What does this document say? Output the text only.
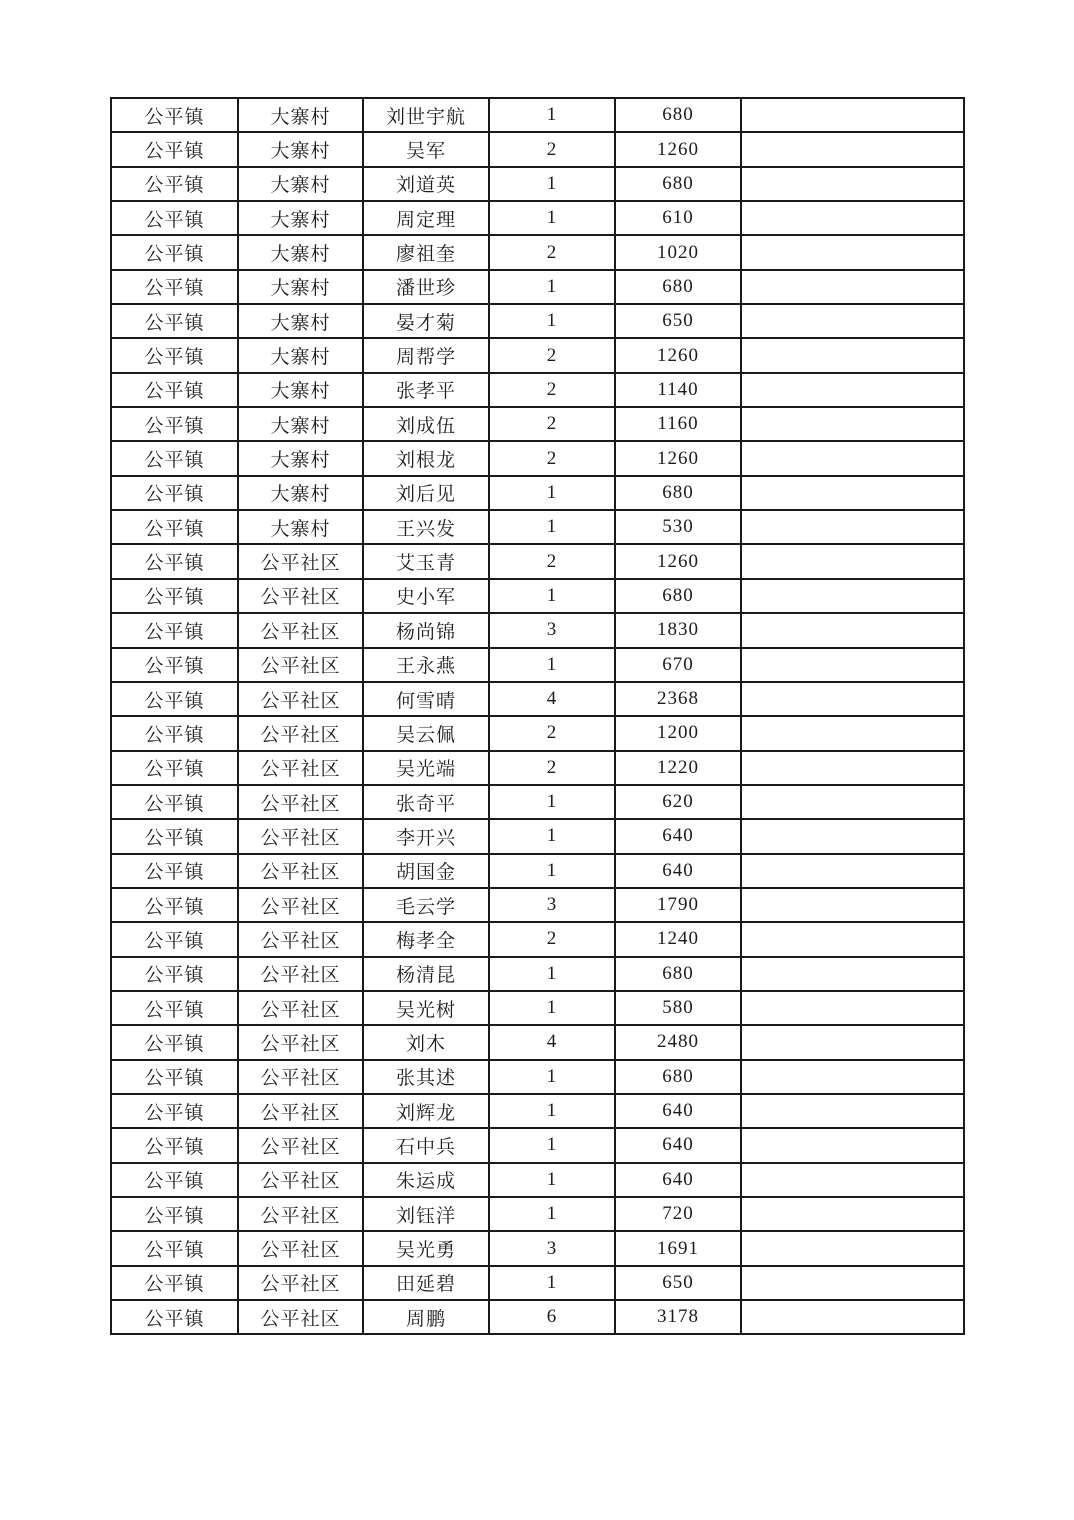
公平镇	大寨村	刘世宇航	1	680	
公平镇	大寨村	吴军	2	1260	
公平镇	大寨村	刘道英	1	680	
公平镇	大寨村	周定理	1	610	
公平镇	大寨村	廖祖奎	2	1020	
公平镇	大寨村	潘世珍	1	680	
公平镇	大寨村	晏才菊	1	650	
公平镇	大寨村	周帮学	2	1260	
公平镇	大寨村	张孝平	2	1140	
公平镇	大寨村	刘成伍	2	1160	
公平镇	大寨村	刘根龙	2	1260	
公平镇	大寨村	刘后见	1	680	
公平镇	大寨村	王兴发	1	530	
公平镇	公平社区	艾玉青	2	1260	
公平镇	公平社区	史小军	1	680	
公平镇	公平社区	杨尚锦	3	1830	
公平镇	公平社区	王永燕	1	670	
公平镇	公平社区	何雪晴	4	2368	
公平镇	公平社区	吴云佩	2	1200	
公平镇	公平社区	吴光端	2	1220	
公平镇	公平社区	张奇平	1	620	
公平镇	公平社区	李开兴	1	640	
公平镇	公平社区	胡国金	1	640	
公平镇	公平社区	毛云学	3	1790	
公平镇	公平社区	梅孝全	2	1240	
公平镇	公平社区	杨清昆	1	680	
公平镇	公平社区	吴光树	1	580	
公平镇	公平社区	刘木	4	2480	
公平镇	公平社区	张其述	1	680	
公平镇	公平社区	刘辉龙	1	640	
公平镇	公平社区	石中兵	1	640	
公平镇	公平社区	朱运成	1	640	
公平镇	公平社区	刘钰洋	1	720	
公平镇	公平社区	吴光勇	3	1691	
公平镇	公平社区	田延碧	1	650	
公平镇	公平社区	周鹏	6	3178	
